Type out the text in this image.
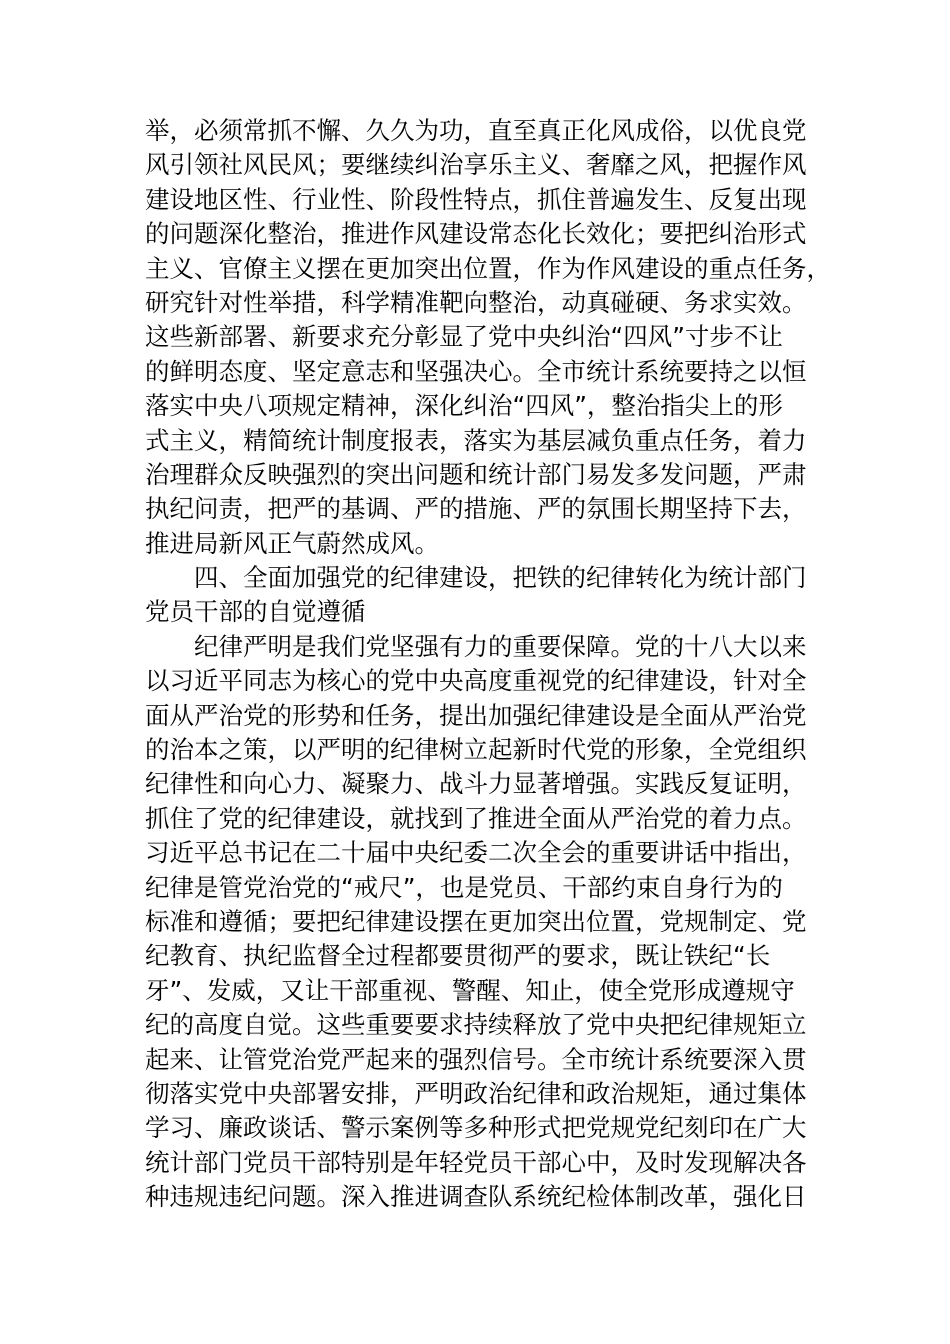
举，必须常抓不懈、久久为功，直至真正化风成俗，以优良党
风引领社风民风；要继续纠治享乐主义、奢靡之风，把握作风
建设地区性、行业性、阶段性特点，抓住普遍发生、反复出现
的问题深化整治，推进作风建设常态化长效化；要把纠治形式
主义、官僚主义摆在更加突出位置，作为作风建设的重点任务，
研究针对性举措，科学精准靶向整治，动真碰硬、务求实效。
这些新部署、新要求充分彰显了党中央纠治“四风”寸步不让
的鲜明态度、坚定意志和坚强决心。全市统计系统要持之以恒
落实中央八项规定精神，深化纠治“四风”，整治指尖上的形
式主义，精简统计制度报表，落实为基层减负重点任务，着力
治理群众反映强烈的突出问题和统计部门易发多发问题，严肃
执纪问责，把严的基调、严的措施、严的氛围长期坚持下去，
推进局新风正气蔚然成风。
四、全面加强党的纪律建设，把铁的纪律转化为统计部门
党员干部的自觉遵循
纪律严明是我们党坚强有力的重要保障。党的十八大以来
以习近平同志为核心的党中央高度重视党的纪律建设，针对全
面从严治党的形势和任务，提出加强纪律建设是全面从严治党
的治本之策，以严明的纪律树立起新时代党的形象，全党组织
纪律性和向心力、凝聚力、战斗力显著增强。实践反复证明，
抓住了党的纪律建设，就找到了推进全面从严治党的着力点。
习近平总书记在二十届中央纪委二次全会的重要讲话中指出，
纪律是管党治党的“戒尺”，也是党员、干部约束自身行为的
标准和遵循；要把纪律建设摆在更加突出位置，党规制定、党
纪教育、执纪监督全过程都要贯彻严的要求，既让铁纪“长
牙”、发威，又让干部重视、警醒、知止，使全党形成遵规守
纪的高度自觉。这些重要要求持续释放了党中央把纪律规矩立
起来、让管党治党严起来的强烈信号。全市统计系统要深入贯
彻落实党中央部署安排，严明政治纪律和政治规矩，通过集体
学习、廉政谈话、警示案例等多种形式把党规党纪刻印在广大
统计部门党员干部特别是年轻党员干部心中，及时发现解决各
种违规违纪问题。深入推进调查队系统纪检体制改革，强化日
